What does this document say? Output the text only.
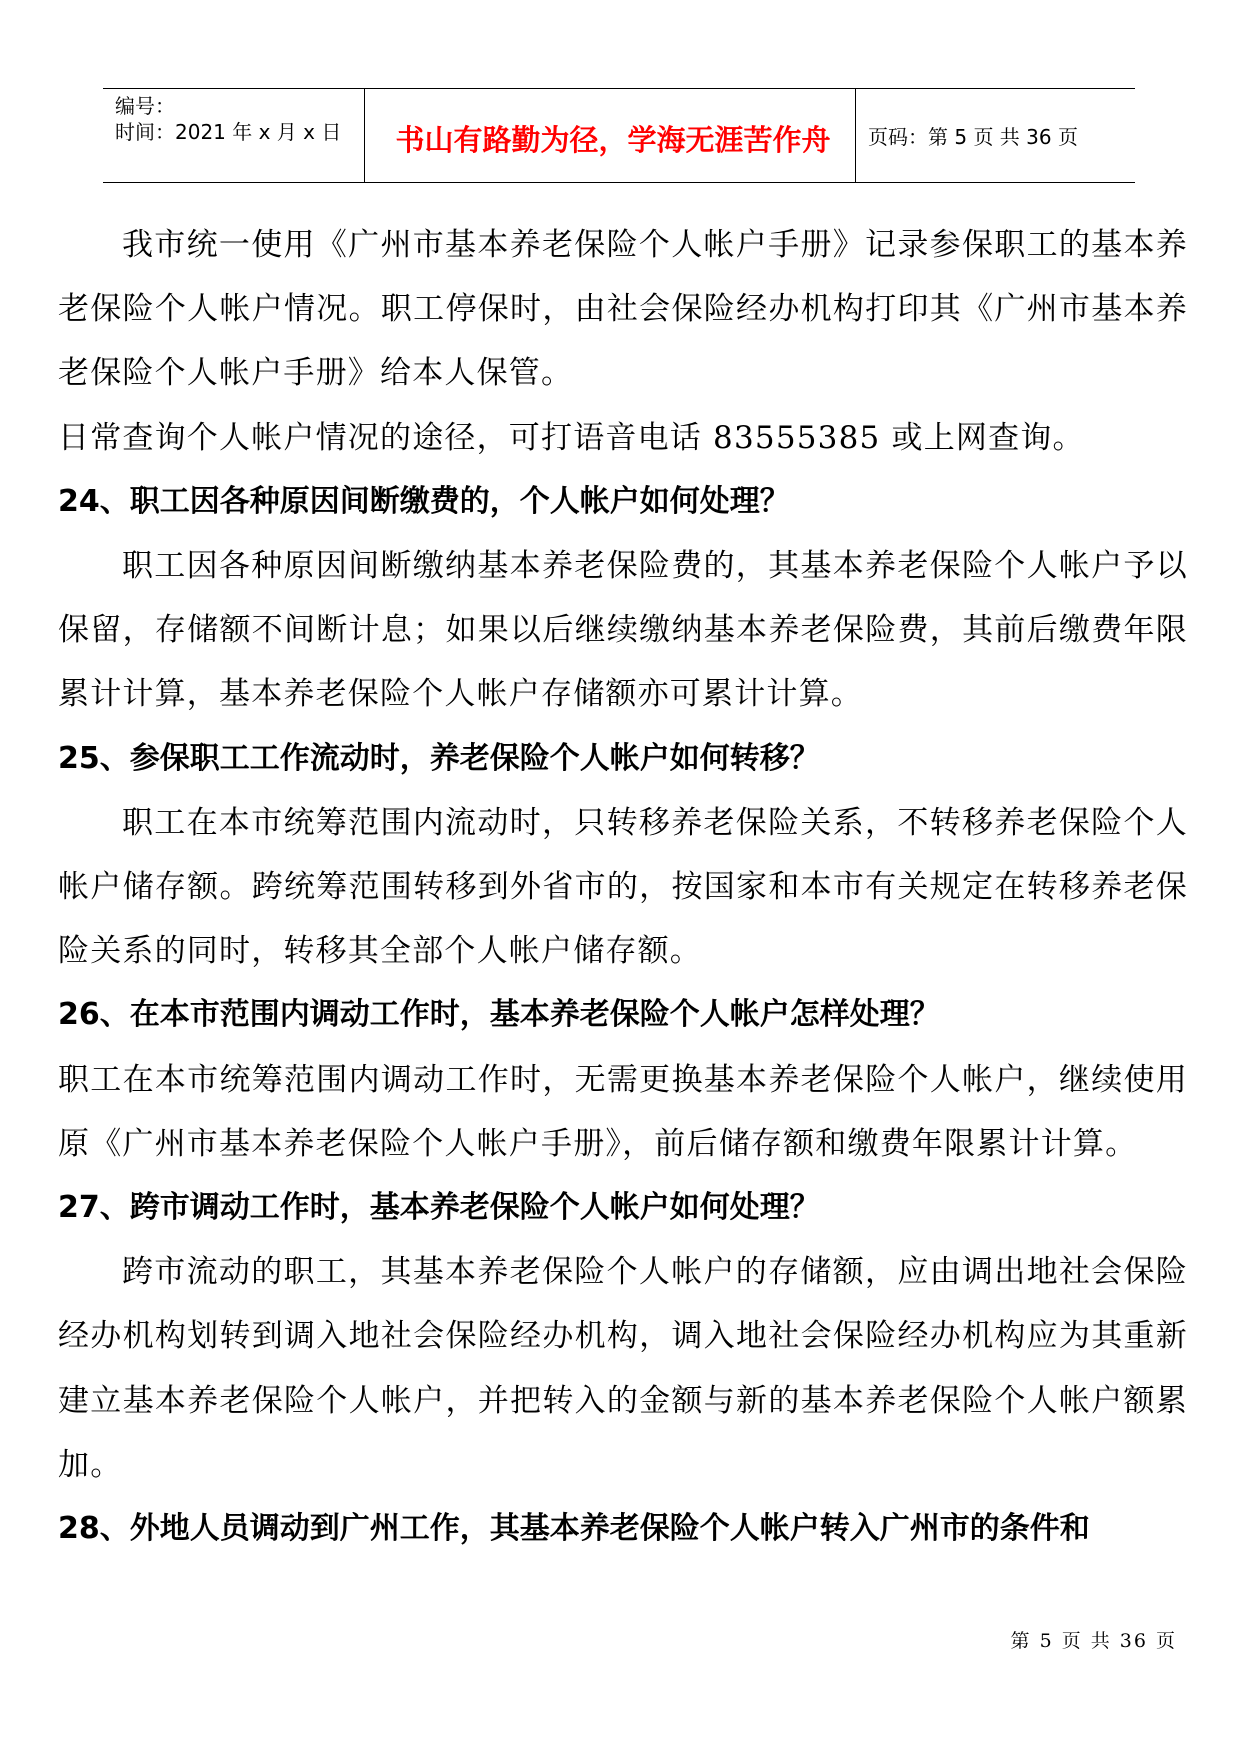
编号：
时间：2021 年 x 月 x 日	书山有路勤为径，学海无涯苦作舟	页码：第 5 页 共 36 页

我市统一使用《广州市基本养老保险个人帐户手册》记录参保职工的基本养老保险个人帐户情况。职工停保时，由社会保险经办机构打印其《广州市基本养老保险个人帐户手册》给本人保管。

日常查询个人帐户情况的途径，可打语音电话 83555385 或上网查询。

24、职工因各种原因间断缴费的，个人帐户如何处理？

职工因各种原因间断缴纳基本养老保险费的，其基本养老保险个人帐户予以保留，存储额不间断计息；如果以后继续缴纳基本养老保险费，其前后缴费年限累计计算，基本养老保险个人帐户存储额亦可累计计算。

25、参保职工工作流动时，养老保险个人帐户如何转移？

职工在本市统筹范围内流动时，只转移养老保险关系，不转移养老保险个人帐户储存额。跨统筹范围转移到外省市的，按国家和本市有关规定在转移养老保险关系的同时，转移其全部个人帐户储存额。

26、在本市范围内调动工作时，基本养老保险个人帐户怎样处理？

职工在本市统筹范围内调动工作时，无需更换基本养老保险个人帐户，继续使用原《广州市基本养老保险个人帐户手册》，前后储存额和缴费年限累计计算。

27、跨市调动工作时，基本养老保险个人帐户如何处理？

跨市流动的职工，其基本养老保险个人帐户的存储额，应由调出地社会保险经办机构划转到调入地社会保险经办机构，调入地社会保险经办机构应为其重新建立基本养老保险个人帐户，并把转入的金额与新的基本养老保险个人帐户额累加。

28、外地人员调动到广州工作，其基本养老保险个人帐户转入广州市的条件和

第 5 页 共 36 页
